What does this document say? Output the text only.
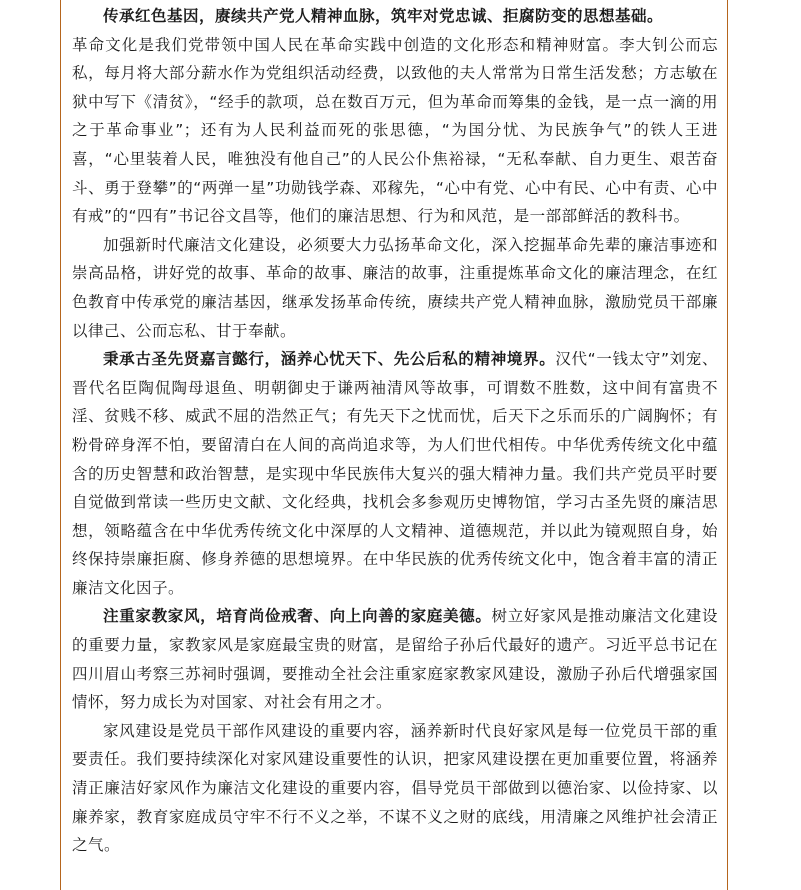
传承红色基因，赓续共产党人精神血脉，筑牢对党忠诚、拒腐防变的思想基础。
革命文化是我们党带领中国人民在革命实践中创造的文化形态和精神财富。李大钊公而忘私，每月将大部分薪水作为党组织活动经费，以致他的夫人常常为日常生活发愁；方志敏在狱中写下《清贫》，“经手的款项，总在数百万元，但为革命而筹集的金钱，是一点一滴的用之于革命事业”；还有为人民利益而死的张思德，“为国分忧、为民族争气”的铁人王进喜，“心里装着人民，唯独没有他自己”的人民公仆焦裕禄，“无私奉献、自力更生、艰苦奋斗、勇于登攀”的“两弹一星”功勋钱学森、邓稼先，“心中有党、心中有民、心中有责、心中有戒”的“四有”书记谷文昌等，他们的廉洁思想、行为和风范，是一部部鲜活的教科书。

加强新时代廉洁文化建设，必须要大力弘扬革命文化，深入挖掘革命先辈的廉洁事迹和崇高品格，讲好党的故事、革命的故事、廉洁的故事，注重提炼革命文化的廉洁理念，在红色教育中传承党的廉洁基因，继承发扬革命传统，赓续共产党人精神血脉，激励党员干部廉以律己、公而忘私、甘于奉献。

秉承古圣先贤嘉言懿行，涵养心忧天下、先公后私的精神境界。汉代“一钱太守”刘宠、晋代名臣陶侃陶母退鱼、明朝御史于谦两袖清风等故事，可谓数不胜数，这中间有富贵不淫、贫贱不移、威武不屈的浩然正气；有先天下之忧而忧，后天下之乐而乐的广阔胸怀；有粉骨碎身浑不怕，要留清白在人间的高尚追求等，为人们世代相传。中华优秀传统文化中蕴含的历史智慧和政治智慧，是实现中华民族伟大复兴的强大精神力量。我们共产党员平时要自觉做到常读一些历史文献、文化经典，找机会多参观历史博物馆，学习古圣先贤的廉洁思想，领略蕴含在中华优秀传统文化中深厚的人文精神、道德规范，并以此为镜观照自身，始终保持崇廉拒腐、修身养德的思想境界。在中华民族的优秀传统文化中，饱含着丰富的清正廉洁文化因子。

注重家教家风，培育尚俭戒奢、向上向善的家庭美德。树立好家风是推动廉洁文化建设的重要力量，家教家风是家庭最宝贵的财富，是留给子孙后代最好的遗产。习近平总书记在四川眉山考察三苏祠时强调，要推动全社会注重家庭家教家风建设，激励子孙后代增强家国情怀，努力成长为对国家、对社会有用之才。

家风建设是党员干部作风建设的重要内容，涵养新时代良好家风是每一位党员干部的重要责任。我们要持续深化对家风建设重要性的认识，把家风建设摆在更加重要位置，将涵养清正廉洁好家风作为廉洁文化建设的重要内容，倡导党员干部做到以德治家、以俭持家、以廉养家，教育家庭成员守牢不行不义之举，不谋不义之财的底线，用清廉之风维护社会清正之气。
